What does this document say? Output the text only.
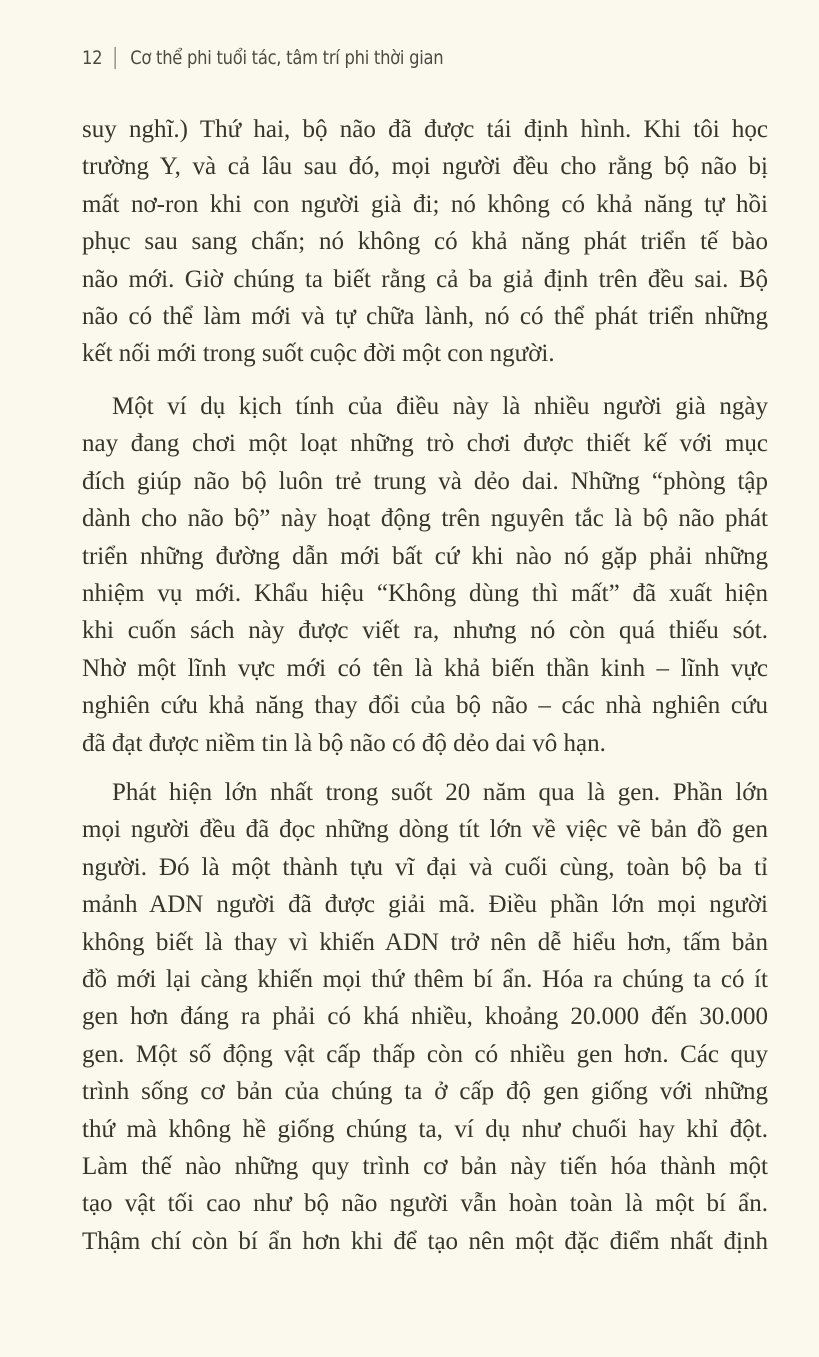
12 Cơ thể phi tuổi tác, tâm trí phi thời gian
suy nghĩ.) Thứ hai, bộ não đã được tái định hình. Khi tôi học
trường Y, và cả lâu sau đó, mọi người đều cho rằng bộ não bị
mất nơ-ron khi con người già đi; nó không có khả năng tự hồi
phục sau sang chấn; nó không có khả năng phát triển tế bào
não mới. Giờ chúng ta biết rằng cả ba giả định trên đều sai. Bộ
não có thể làm mới và tự chữa lành, nó có thể phát triển những
kết nối mới trong suốt cuộc đời một con người.
Một ví dụ kịch tính của điều này là nhiều người già ngày
nay đang chơi một loạt những trò chơi được thiết kế với mục
đích giúp não bộ luôn trẻ trung và dẻo dai. Những “phòng tập
dành cho não bộ” này hoạt động trên nguyên tắc là bộ não phát
triển những đường dẫn mới bất cứ khi nào nó gặp phải những
nhiệm vụ mới. Khẩu hiệu “Không dùng thì mất” đã xuất hiện
khi cuốn sách này được viết ra, nhưng nó còn quá thiếu sót.
Nhờ một lĩnh vực mới có tên là khả biến thần kinh – lĩnh vực
nghiên cứu khả năng thay đổi của bộ não – các nhà nghiên cứu
đã đạt được niềm tin là bộ não có độ dẻo dai vô hạn.
Phát hiện lớn nhất trong suốt 20 năm qua là gen. Phần lớn
mọi người đều đã đọc những dòng tít lớn về việc vẽ bản đồ gen
người. Đó là một thành tựu vĩ đại và cuối cùng, toàn bộ ba tỉ
mảnh ADN người đã được giải mã. Điều phần lớn mọi người
không biết là thay vì khiến ADN trở nên dễ hiểu hơn, tấm bản
đồ mới lại càng khiến mọi thứ thêm bí ẩn. Hóa ra chúng ta có ít
gen hơn đáng ra phải có khá nhiều, khoảng 20.000 đến 30.000
gen. Một số động vật cấp thấp còn có nhiều gen hơn. Các quy
trình sống cơ bản của chúng ta ở cấp độ gen giống với những
thứ mà không hề giống chúng ta, ví dụ như chuối hay khỉ đột.
Làm thế nào những quy trình cơ bản này tiến hóa thành một
tạo vật tối cao như bộ não người vẫn hoàn toàn là một bí ẩn.
Thậm chí còn bí ẩn hơn khi để tạo nên một đặc điểm nhất định
